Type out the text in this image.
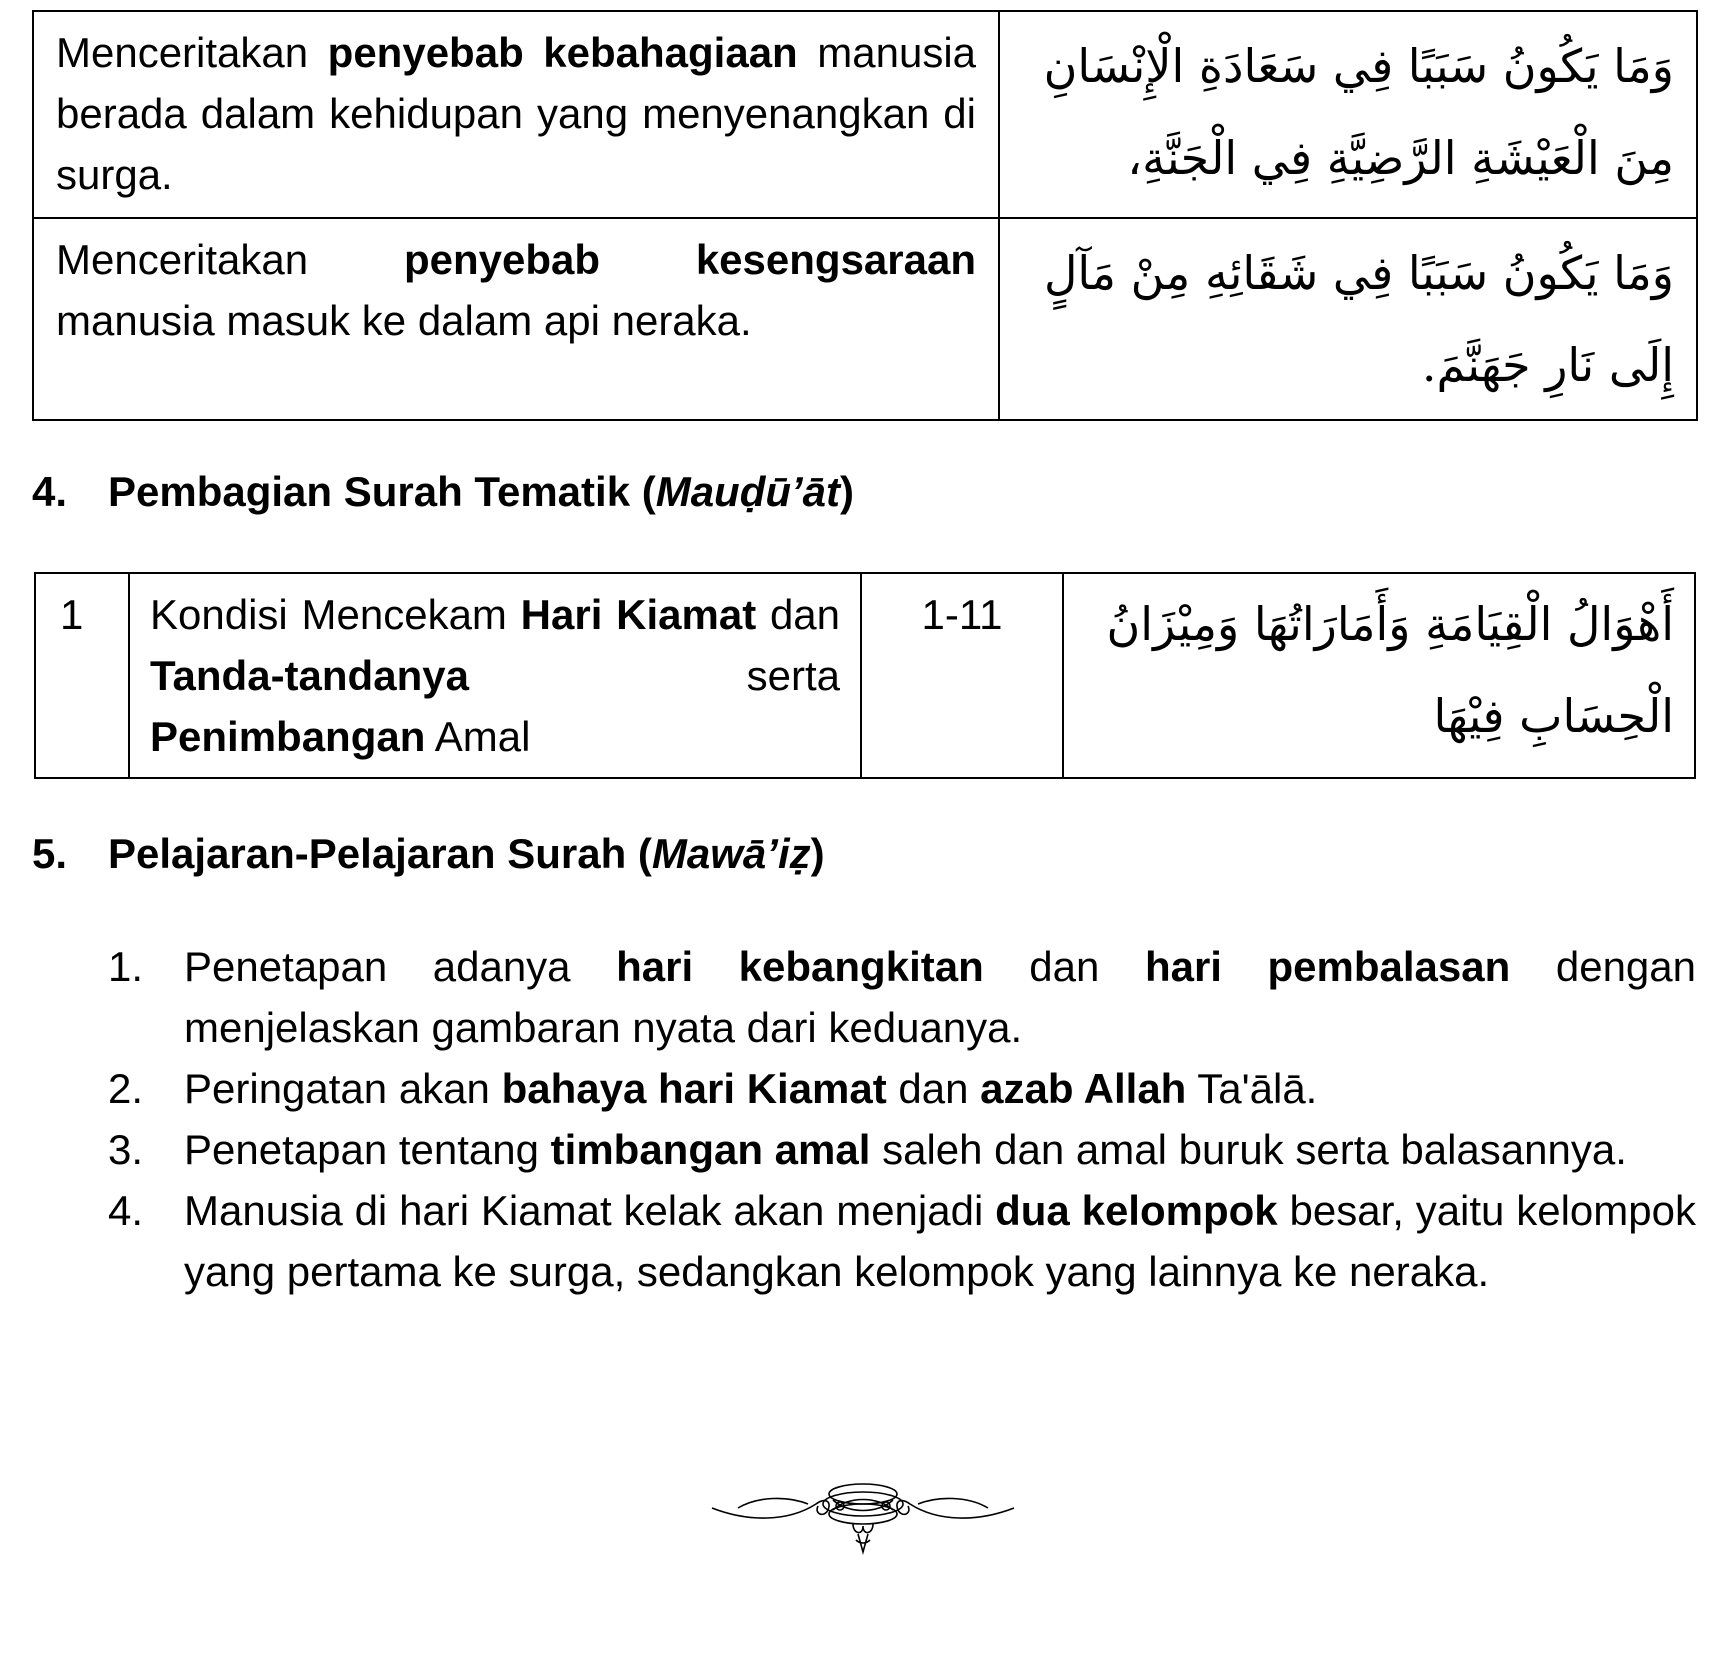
Menceritakan penyebab kebahagiaan manusia berada dalam kehidupan yang menyenangkan di surga.	وَمَا يَكُونُ سَبَبًا فِي سَعَادَةِ الْإِنْسَانِ مِنَ الْعَيْشَةِ الرَّضِيَّةِ فِي الْجَنَّةِ،
Menceritakan penyebab kesengsaraan manusia masuk ke dalam api neraka.	وَمَا يَكُونُ سَبَبًا فِي شَقَائِهِ مِنْ مَآلٍ إِلَى نَارِ جَهَنَّمَ.
4. Pembagian Surah Tematik (Mauḍū’āt)
1	Kondisi Mencekam Hari Kiamat dan Tanda-tandanya serta Penimbangan Amal	1-11	أَهْوَالُ الْقِيَامَةِ وَأَمَارَاتُهَا وَمِيْزَانُ الْحِسَابِ فِيْهَا
5. Pelajaran-Pelajaran Surah (Mawā’iẓ)
1. Penetapan adanya hari kebangkitan dan hari pembalasan dengan menjelaskan gambaran nyata dari keduanya.
2. Peringatan akan bahaya hari Kiamat dan azab Allah Ta'ālā.
3. Penetapan tentang timbangan amal saleh dan amal buruk serta balasannya.
4. Manusia di hari Kiamat kelak akan menjadi dua kelompok besar, yaitu kelompok yang pertama ke surga, sedangkan kelompok yang lainnya ke neraka.
